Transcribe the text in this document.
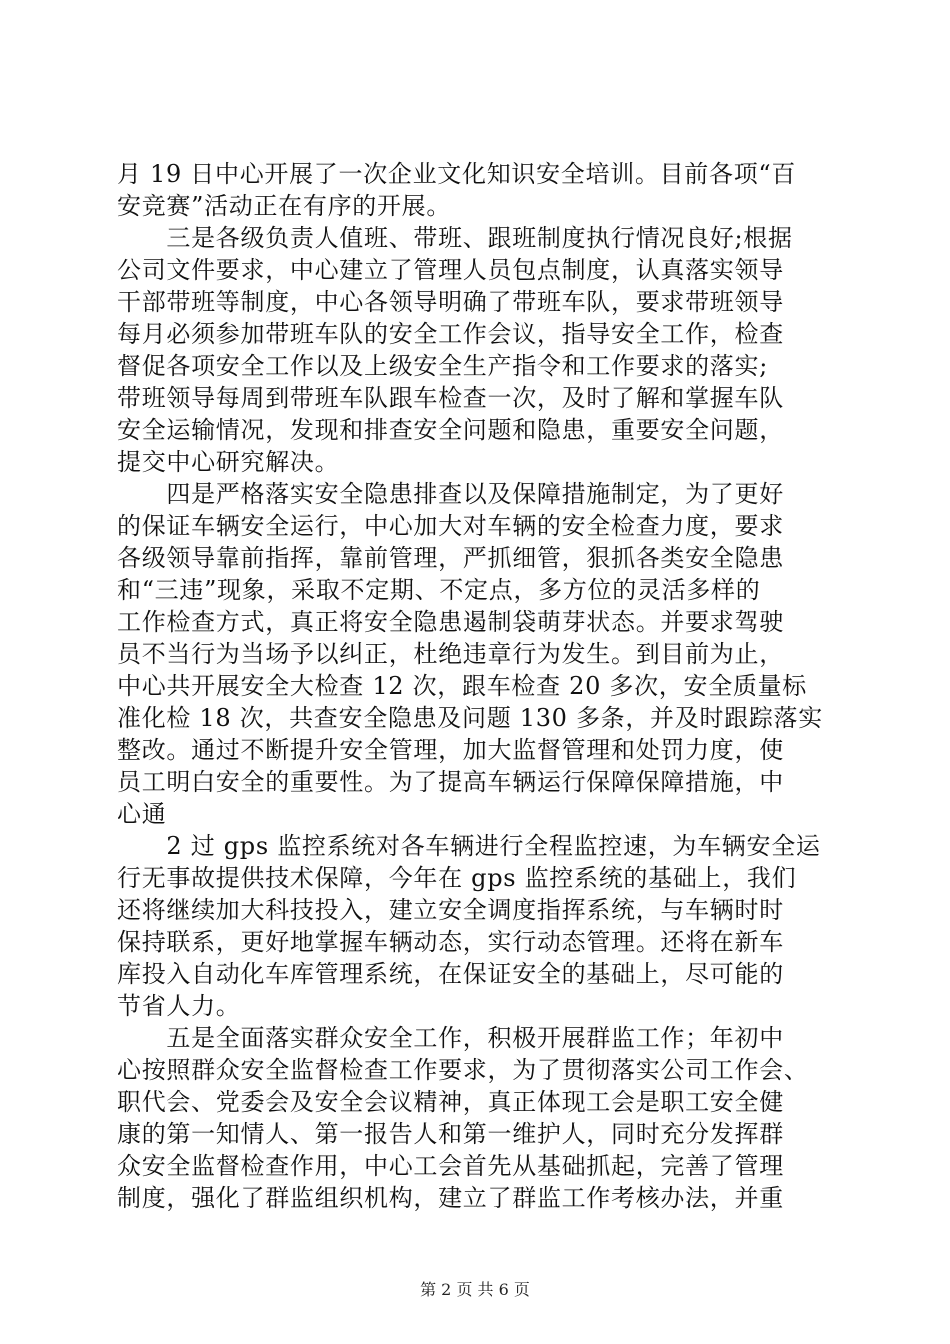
月 19 日中心开展了一次企业文化知识安全培训。目前各项“百
安竞赛”活动正在有序的开展。
　　三是各级负责人值班、带班、跟班制度执行情况良好;根据
公司文件要求，中心建立了管理人员包点制度，认真落实领导
干部带班等制度，中心各领导明确了带班车队，要求带班领导
每月必须参加带班车队的安全工作会议，指导安全工作，检查
督促各项安全工作以及上级安全生产指令和工作要求的落实;
带班领导每周到带班车队跟车检查一次，及时了解和掌握车队
安全运输情况，发现和排查安全问题和隐患，重要安全问题，
提交中心研究解决。
　　四是严格落实安全隐患排查以及保障措施制定，为了更好
的保证车辆安全运行，中心加大对车辆的安全检查力度，要求
各级领导靠前指挥，靠前管理，严抓细管，狠抓各类安全隐患
和“三违”现象，采取不定期、不定点，多方位的灵活多样的
工作检查方式，真正将安全隐患遏制袋萌芽状态。并要求驾驶
员不当行为当场予以纠正，杜绝违章行为发生。到目前为止，
中心共开展安全大检查 12 次，跟车检查 20 多次，安全质量标
准化检 18 次，共查安全隐患及问题 130 多条，并及时跟踪落实
整改。通过不断提升安全管理，加大监督管理和处罚力度，使
员工明白安全的重要性。为了提高车辆运行保障保障措施，中
心通
　　2 过 gps 监控系统对各车辆进行全程监控速，为车辆安全运
行无事故提供技术保障，今年在 gps 监控系统的基础上，我们
还将继续加大科技投入，建立安全调度指挥系统，与车辆时时
保持联系，更好地掌握车辆动态，实行动态管理。还将在新车
库投入自动化车库管理系统，在保证安全的基础上，尽可能的
节省人力。
　　五是全面落实群众安全工作，积极开展群监工作；年初中
心按照群众安全监督检查工作要求，为了贯彻落实公司工作会、
职代会、党委会及安全会议精神，真正体现工会是职工安全健
康的第一知情人、第一报告人和第一维护人，同时充分发挥群
众安全监督检查作用，中心工会首先从基础抓起，完善了管理
制度，强化了群监组织机构，建立了群监工作考核办法，并重
第 2 页 共 6 页
